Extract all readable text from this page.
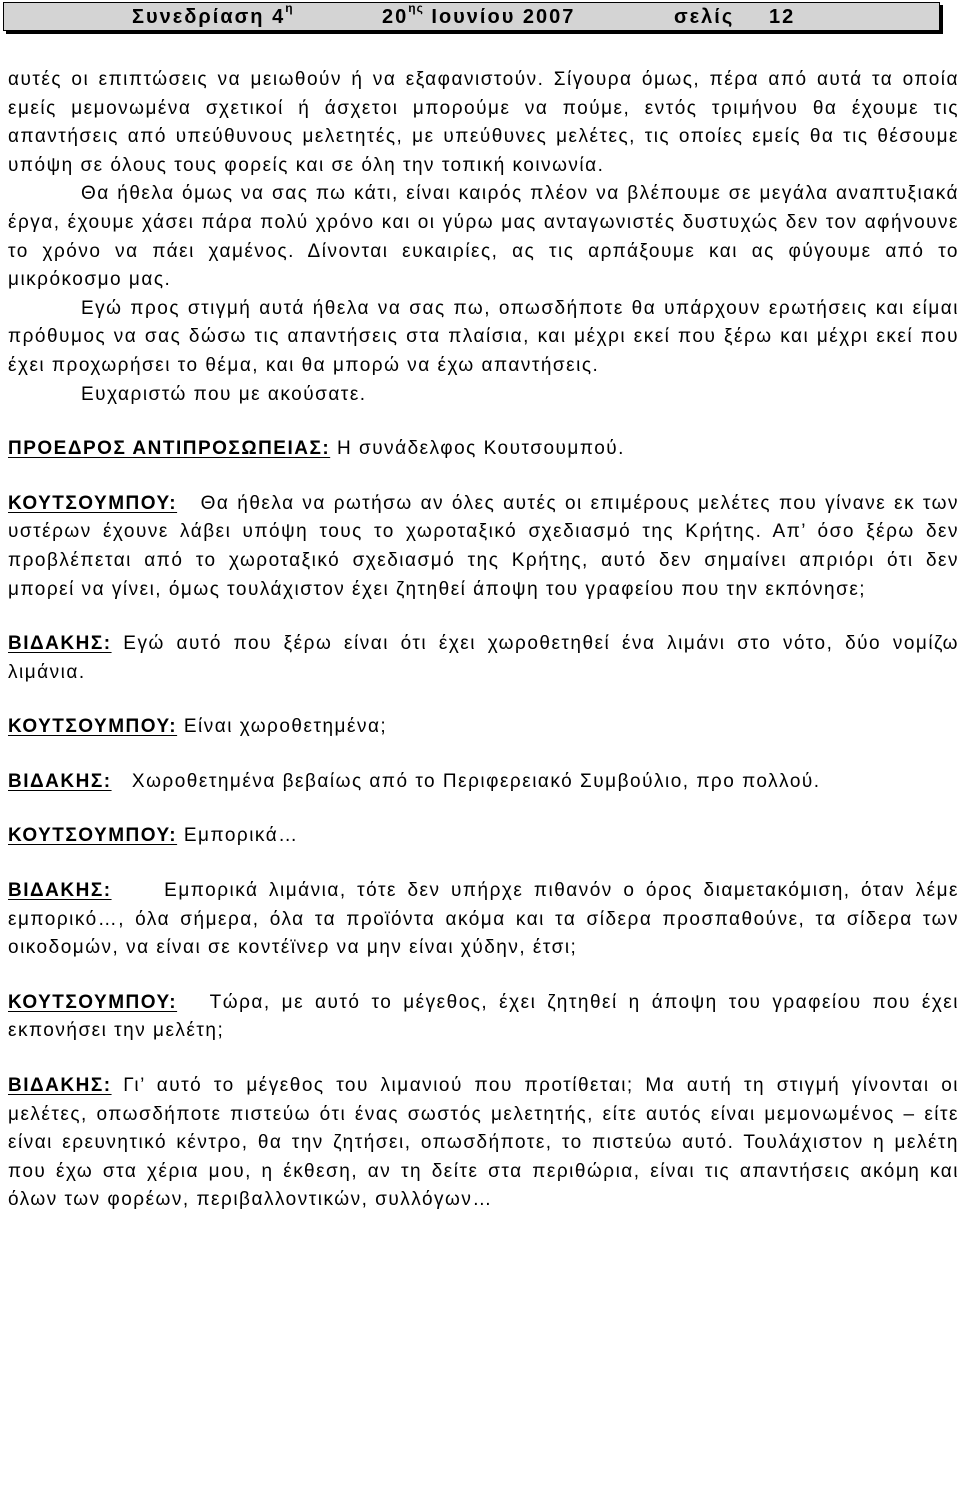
Συνεδρίαση $4^\eta$

	$20^{\eta\varsigma}$ Ιουνίου 2007

	σελίς

12

αυτές οι επιπτώσεις να μειωθούν ή να εξαφανιστούν. Σίγουρα όμως, πέρα από αυτά τα οποία εμείς μεμονωμένα σχετικοί ή άσχετοι μπορούμε να πούμε, εντός τριμήνου θα έχουμε τις απαντήσεις από υπεύθυνους μελετητές, με υπεύθυνες μελέτες, τις οποίες εμείς θα τις θέσουμε υπόψη σε όλους τους φορείς και σε όλη την τοπική κοινωνία.

Θα ήθελα όμως να σας πω κάτι, είναι καιρός πλέον να βλέπουμε σε μεγάλα αναπτυξιακά έργα, έχουμε χάσει πάρα πολύ χρόνο και οι γύρω μας ανταγωνιστές δυστυχώς δεν τον αφήνουνε το χρόνο να πάει χαμένος. Δίνονται ευκαιρίες, ας τις αρπάξουμε και ας φύγουμε από το μικρόκοσμο μας.

Εγώ προς στιγμή αυτά ήθελα να σας πω, οπωσδήποτε θα υπάρχουν ερωτήσεις και είμαι πρόθυμος να σας δώσω τις απαντήσεις στα πλαίσια, και μέχρι εκεί που ξέρω και μέχρι εκεί που έχει προχωρήσει το θέμα, και θα μπορώ να έχω απαντήσεις.

Ευχαριστώ που με ακούσατε.

ΠΡΟΕΔΡΟΣ ΑΝΤΙΠΡΟΣΩΠΕΙΑΣ: Η συνάδελφος Κουτσουμπού.

ΚΟΥΤΣΟΥΜΠΟΥ: Θα ήθελα να ρωτήσω αν όλες αυτές οι επιμέρους μελέτες που γίνανε εκ των υστέρων έχουνε λάβει υπόψη τους το χωροταξικό σχεδιασμό της Κρήτης. Απ’ όσο ξέρω δεν προβλέπεται από το χωροταξικό σχεδιασμό της Κρήτης, αυτό δεν σημαίνει απριόρι ότι δεν μπορεί να γίνει, όμως τουλάχιστον έχει ζητηθεί άποψη του γραφείου που την εκπόνησε;

ΒΙΔΑΚΗΣ: Εγώ αυτό που ξέρω είναι ότι έχει χωροθετηθεί ένα λιμάνι στο νότο, δύο νομίζω λιμάνια.

ΚΟΥΤΣΟΥΜΠΟΥ: Είναι χωροθετημένα;

ΒΙΔΑΚΗΣ: Χωροθετημένα βεβαίως από το Περιφερειακό Συμβούλιο, προ πολλού.

ΚΟΥΤΣΟΥΜΠΟΥ: Εμπορικά…

ΒΙΔΑΚΗΣ:	Εμπορικά λιμάνια, τότε δεν υπήρχε πιθανόν ο όρος διαμετακόμιση, όταν λέμε εμπορικό…, όλα σήμερα, όλα τα προϊόντα ακόμα και τα σίδερα προσπαθούνε, τα σίδερα των οικοδομών, να είναι σε κοντέϊνερ να μην είναι χύδην, έτσι;

ΚΟΥΤΣΟΥΜΠΟΥ: Τώρα, με αυτό το μέγεθος, έχει ζητηθεί η άποψη του γραφείου που έχει εκπονήσει την μελέτη;

ΒΙΔΑΚΗΣ: Γι’ αυτό το μέγεθος του λιμανιού που προτίθεται; Μα αυτή τη στιγμή γίνονται οι μελέτες, οπωσδήποτε πιστεύω ότι ένας σωστός μελετητής, είτε αυτός είναι μεμονωμένος – είτε είναι ερευνητικό κέντρο, θα την ζητήσει, οπωσδήποτε, το πιστεύω αυτό. Τουλάχιστον η μελέτη που έχω στα χέρια μου, η έκθεση, αν τη δείτε στα περιθώρια, είναι τις απαντήσεις ακόμη και όλων των φορέων, περιβαλλοντικών, συλλόγων…
